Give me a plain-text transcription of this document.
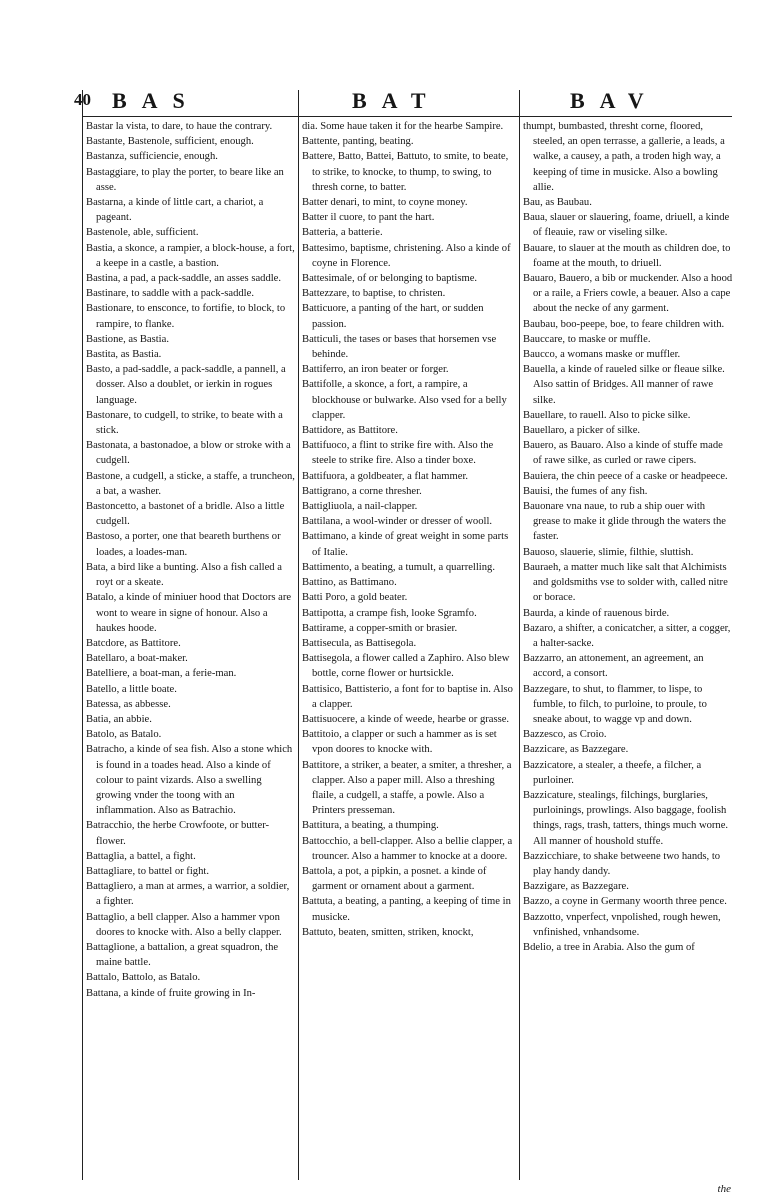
40 BAS	BAT	BAV

Bastar la vista, to dare, to haue the contrary.

Bastante, Bastenole, sufficient, enough.

Bastanza, sufficiencie, enough.

Bastaggiare, to play the porter, to beare like an asse.

Bastarna, a kinde of little cart, a chariot, a pageant.

Bastenole, able, sufficient.

Bastia, a skonce, a rampier, a block-house, a fort, a keepe in a castle, a bastion.

Bastina, a pad, a pack-saddle, an asses saddle.

Bastinare, to saddle with a pack-saddle.

Bastionare, to ensconce, to fortifie, to block, to rampire, to flanke.

Bastione, as Bastia.

Bastita, as Bastia.

Basto, a pad-saddle, a pack-saddle, a pannell, a dosser. Also a doublet, or ierkin in rogues language.

Bastonare, to cudgell, to strike, to beate with a stick.

Bastonata, a bastonadoe, a blow or stroke with a cudgell.

Bastone, a cudgell, a sticke, a staffe, a truncheon, a bat, a washer.

Bastoncetto, a bastonet of a bridle. Also a little cudgell.

Bastoso, a porter, one that beareth burthens or loades, a loades-man.

Bata, a bird like a bunting. Also a fish called a royt or a skeate.

Batalo, a kinde of miniuer hood that Doctors are wont to weare in signe of honour. Also a haukes hoode.

Batcdore, as Battitore.

Batellaro, a boat-maker.

Batelliere, a boat-man, a ferie-man.

Batello, a little boate.

Batessa, as abbesse.

Batia, an abbie.

Batolo, as Batalo.

Batracho, a kinde of sea fish. Also a stone which is found in a toades head. Also a kinde of colour to paint vizards. Also a swelling growing vnder the toong with an inflammation. Also as Batrachio.

Batracchio, the herbe Crowfoote, or butter-flower.

Battaglia, a battel, a fight.

Battagliare, to battel or fight.

Battagliero, a man at armes, a warrior, a soldier, a fighter.

Battaglio, a bell clapper. Also a hammer vpon doores to knocke with. Also a belly clapper.

Battaglione, a battalion, a great squadron, the maine battle.

Battalo, Battolo, as Batalo.

Battana, a kinde of fruite growing in In-

dia. Some haue taken it for the hearbe Sampire.

Battente, panting, beating.

Battere, Batto, Battei, Battuto, to smite, to beate, to strike, to knocke, to thump, to swing, to thresh corne, to batter.

Batter denari, to mint, to coyne money.

Batter il cuore, to pant the hart.

Batteria, a batterie.

Battesimo, baptisme, christening. Also a kinde of coyne in Florence.

Battesimale, of or belonging to baptisme.

Battezzare, to baptise, to christen.

Batticuore, a panting of the hart, or sudden passion.

Batticuli, the tases or bases that horsemen vse behinde.

Battiferro, an iron beater or forger.

Battifolle, a skonce, a fort, a rampire, a blockhouse or bulwarke. Also vsed for a belly clapper.

Battidore, as Battitore.

Battifuoco, a flint to strike fire with. Also the steele to strike fire. Also a tinder boxe.

Battifuora, a goldbeater, a flat hammer.

Battigrano, a corne thresher.

Battigliuola, a nail-clapper.

Battilana, a wool-winder or dresser of wooll.

Battimano, a kinde of great weight in some parts of Italie.

Battimento, a beating, a tumult, a quarrelling.

Battino, as Battimano.

Batti Poro, a gold beater.

Battipotta, a crampe fish, looke Sgramfo.

Battirame, a copper-smith or brasier.

Battisecula, as Battisegola.

Battisegola, a flower called a Zaphiro. Also blew bottle, corne flower or hurtsickle.

Battisico, Battisterio, a font for to baptise in. Also a clapper.

Battisuocere, a kinde of weede, hearbe or grasse.

Battitoio, a clapper or such a hammer as is set vpon doores to knocke with.

Battitore, a striker, a beater, a smiter, a thresher, a clapper. Also a paper mill. Also a threshing flaile, a cudgell, a staffe, a powle. Also a Printers presseman.

Battitura, a beating, a thumping.

Battocchio, a bell-clapper. Also a bellie clapper, a trouncer. Also a hammer to knocke at a doore.

Battola, a pot, a pipkin, a posnet. a kinde of garment or ornament about a garment.

Battuta, a beating, a panting, a keeping of time in musicke.

Battuto, beaten, smitten, striken, knockt,

thumpt, bumbasted, thresht corne, floored, steeled, an open terrasse, a gallerie, a leads, a walke, a causey, a path, a troden high way, a keeping of time in musicke. Also a bowling allie.

Bau, as Baubau.

Baua, slauer or slauering, foame, driuell, a kinde of fleauie, raw or viseling silke.

Bauare, to slauer at the mouth as children doe, to foame at the mouth, to driuell.

Bauaro, Bauero, a bib or muckender. Also a hood or a raile, a Friers cowle, a beauer. Also a cape about the necke of any garment.

Baubau, boo-peepe, boe, to feare children with.

Bauccare, to maske or muffle.

Baucco, a womans maske or muffler.

Bauella, a kinde of raueled silke or fleaue silke. Also sattin of Bridges. All manner of rawe silke.

Bauellare, to rauell. Also to picke silke.

Bauellaro, a picker of silke.

Bauero, as Bauaro. Also a kinde of stuffe made of rawe silke, as curled or rawe cipers.

Bauiera, the chin peece of a caske or headpeece.

Bauisi, the fumes of any fish.

Bauonare vna naue, to rub a ship ouer with grease to make it glide through the waters the faster.

Bauoso, slauerie, slimie, filthie, sluttish.

Bauraeh, a matter much like salt that Alchimists and goldsmiths vse to solder with, called nitre or borace.

Baurda, a kinde of rauenous birde.

Bazaro, a shifter, a conicatcher, a sitter, a cogger, a halter-sacke.

Bazzarro, an attonement, an agreement, an accord, a consort.

Bazzegare, to shut, to flammer, to lispe, to fumble, to filch, to purloine, to proule, to sneake about, to wagge vp and down.

Bazzesco, as Croio.

Bazzicare, as Bazzegare.

Bazzicatore, a stealer, a theefe, a filcher, a purloiner.

Bazzicature, stealings, filchings, burglaries, purloinings, prowlings. Also baggage, foolish things, rags, trash, tatters, things much worne. All manner of houshold stuffe.

Bazzicchiare, to shake betweene two hands, to play handy dandy.

Bazzigare, as Bazzegare.

Bazzo, a coyne in Germany woorth three pence.

Bazzotto, vnperfect, vnpolished, rough hewen, vnfinished, vnhandsome.

Bdelio, a tree in Arabia. Also the gum of

the
